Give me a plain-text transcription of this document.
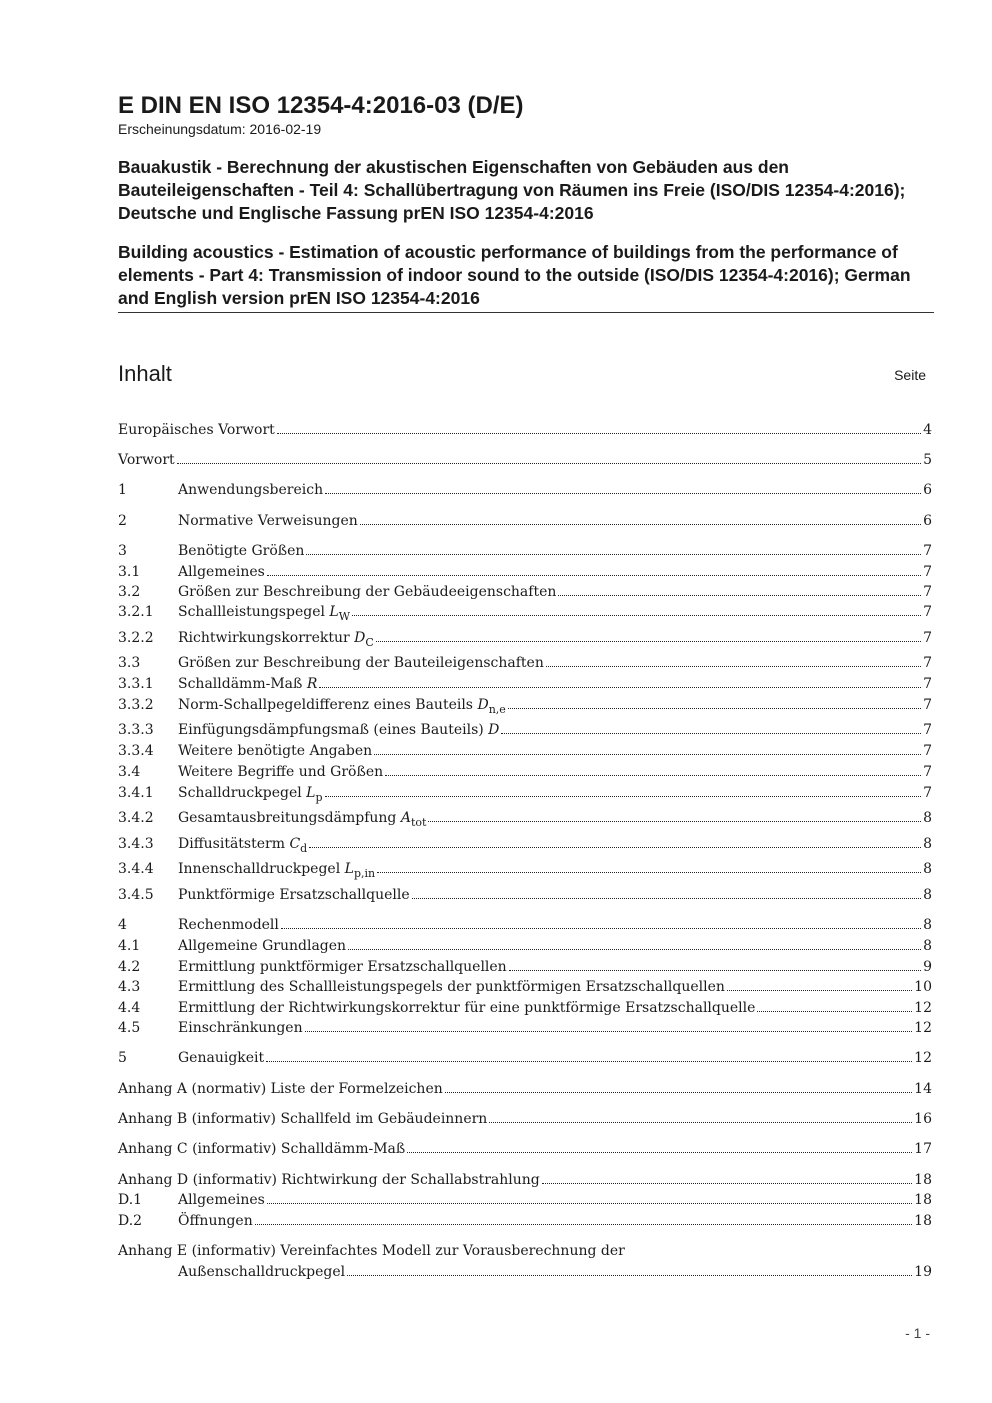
E DIN EN ISO 12354-4:2016-03 (D/E)

Erscheinungsdatum: 2016-02-19

Bauakustik - Berechnung der akustischen Eigenschaften von Gebäuden aus den Bauteileigenschaften - Teil 4: Schallübertragung von Räumen ins Freie (ISO/DIS 12354-4:2016); Deutsche und Englische Fassung prEN ISO 12354-4:2016

Building acoustics - Estimation of acoustic performance of buildings from the performance of elements - Part 4: Transmission of indoor sound to the outside (ISO/DIS 12354-4:2016); German and English version prEN ISO 12354-4:2016

Inhalt	Seite
Europäisches Vorwort	4
Vorwort	5
1	Anwendungsbereich	6
2	Normative Verweisungen	6
3	Benötigte Größen	7
3.1	Allgemeines	7
3.2	Größen zur Beschreibung der Gebäudeeigenschaften	7
3.2.1	Schallleistungspegel $L_W$	7
3.2.2	Richtwirkungskorrektur $D_C$	7
3.3	Größen zur Beschreibung der Bauteileigenschaften	7
3.3.1	Schalldämm-Maß R	7
3.3.2	Norm-Schallpegeldifferenz eines Bauteils $D_{n,e}$	7
3.3.3	Einfügungsdämpfungsmaß (eines Bauteils) D	7
3.3.4	Weitere benötigte Angaben	7
3.4	Weitere Begriffe und Größen	7
3.4.1	Schalldruckpegel $L_p$	7
3.4.2	Gesamtausbreitungsdämpfung $A_{tot}$	8
3.4.3	Diffusitätsterm $C_d$	8
3.4.4	Innenschalldruckpegel $L_{p,in}$	8
3.4.5	Punktförmige Ersatzschallquelle	8
4	Rechenmodell	8
4.1	Allgemeine Grundlagen	8
4.2	Ermittlung punktförmiger Ersatzschallquellen	9
4.3	Ermittlung des Schallleistungspegels der punktförmigen Ersatzschallquellen	10
4.4	Ermittlung der Richtwirkungskorrektur für eine punktförmige Ersatzschallquelle	12
4.5	Einschränkungen	12
5	Genauigkeit	12
Anhang A (normativ) Liste der Formelzeichen	14
Anhang B (informativ) Schallfeld im Gebäudeinnern	16
Anhang C (informativ) Schalldämm-Maß	17
Anhang D (informativ) Richtwirkung der Schallabstrahlung	18
D.1	Allgemeines	18
D.2	Öffnungen	18
Anhang E (informativ) Vereinfachtes Modell zur Vorausberechnung der
Außenschalldruckpegel	19
- 1 -
